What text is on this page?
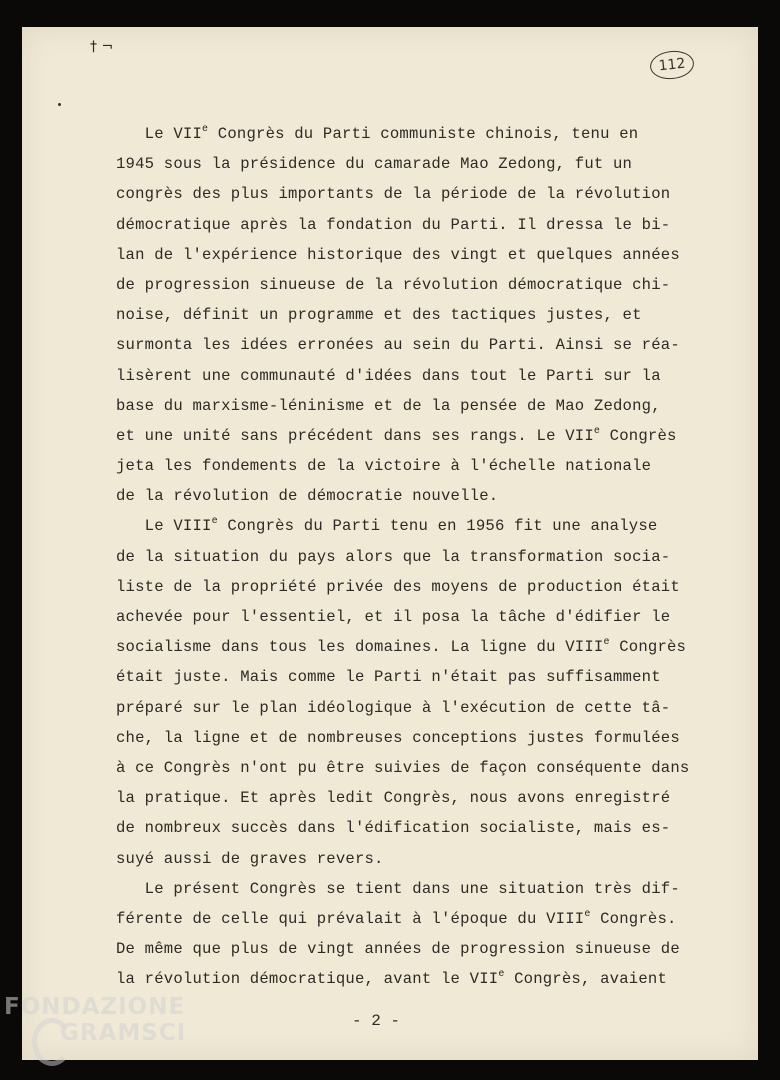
† ¬
112
Le VIIe Congrès du Parti communiste chinois, tenu en
1945 sous la présidence du camarade Mao Zedong, fut un
congrès des plus importants de la période de la révolution
démocratique après la fondation du Parti. Il dressa le bi-
lan de l'expérience historique des vingt et quelques années
de progression sinueuse de la révolution démocratique chi-
noise, définit un programme et des tactiques justes, et
surmonta les idées erronées au sein du Parti. Ainsi se réa-
lisèrent une communauté d'idées dans tout le Parti sur la
base du marxisme-léninisme et de la pensée de Mao Zedong,
et une unité sans précédent dans ses rangs. Le VIIe Congrès
jeta les fondements de la victoire à l'échelle nationale
de la révolution de démocratie nouvelle.
Le VIIIe Congrès du Parti tenu en 1956 fit une analyse
de la situation du pays alors que la transformation socia-
liste de la propriété privée des moyens de production était
achevée pour l'essentiel, et il posa la tâche d'édifier le
socialisme dans tous les domaines. La ligne du VIIIe Congrès
était juste. Mais comme le Parti n'était pas suffisamment
préparé sur le plan idéologique à l'exécution de cette tâ-
che, la ligne et de nombreuses conceptions justes formulées
à ce Congrès n'ont pu être suivies de façon conséquente dans
la pratique. Et après ledit Congrès, nous avons enregistré
de nombreux succès dans l'édification socialiste, mais es-
suyé aussi de graves revers.
Le présent Congrès se tient dans une situation très dif-
férente de celle qui prévalait à l'époque du VIIIe Congrès.
De même que plus de vingt années de progression sinueuse de
la révolution démocratique, avant le VIIe Congrès, avaient
- 2 -
FONDAZIONE
GRAMSCI
